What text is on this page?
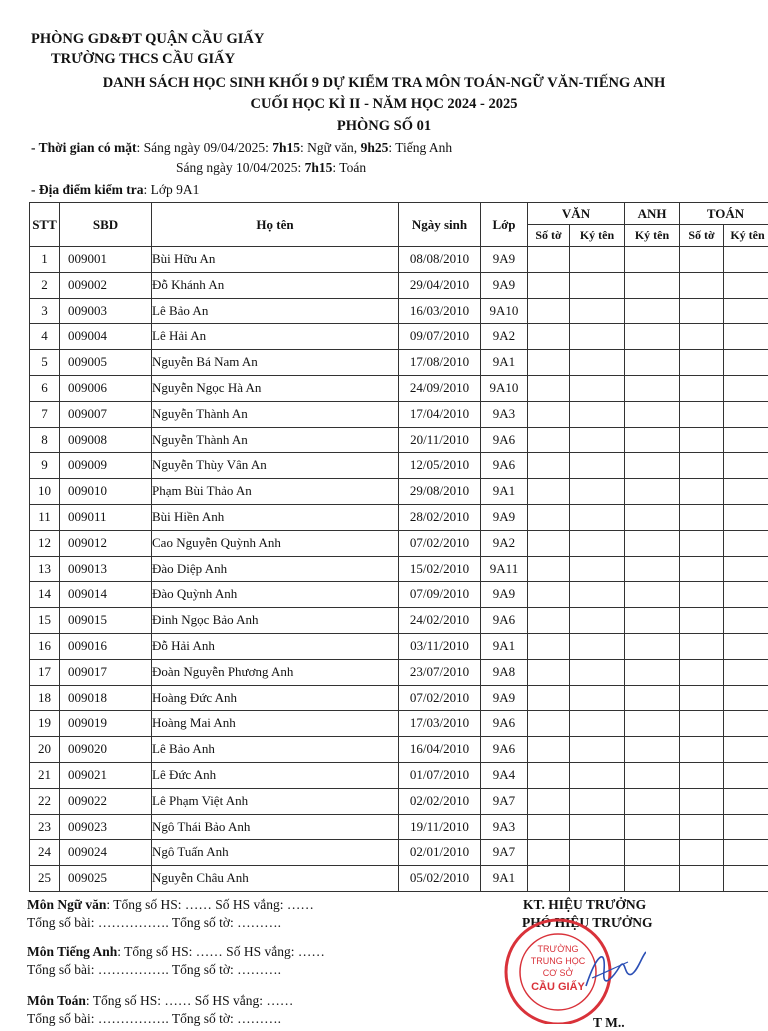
PHÒNG GD&ĐT QUẬN CẦU GIẤY
TRƯỜNG THCS CẦU GIẤY
DANH SÁCH HỌC SINH KHỐI 9 DỰ KIỂM TRA MÔN TOÁN-NGỮ VĂN-TIẾNG ANH
CUỐI HỌC KÌ II - NĂM HỌC 2024 - 2025
PHÒNG SỐ 01
- Thời gian có mặt: Sáng ngày 09/04/2025: 7h15: Ngữ văn, 9h25: Tiếng Anh
Sáng ngày 10/04/2025: 7h15: Toán
- Địa điểm kiểm tra: Lớp 9A1
STT	SBD	Họ tên	Ngày sinh	Lớp	VĂN		ANH	TOÁN	
					Số tờ	Ký tên	Ký tên	Số tờ	Ký tên
1	009001	Bùi Hữu An	08/08/2010	9A9					
2	009002	Đỗ Khánh An	29/04/2010	9A9					
3	009003	Lê Bảo An	16/03/2010	9A10					
4	009004	Lê Hải An	09/07/2010	9A2					
5	009005	Nguyễn Bá Nam An	17/08/2010	9A1					
6	009006	Nguyễn Ngọc Hà An	24/09/2010	9A10					
7	009007	Nguyễn Thành An	17/04/2010	9A3					
8	009008	Nguyễn Thành An	20/11/2010	9A6					
9	009009	Nguyễn Thùy Vân An	12/05/2010	9A6					
10	009010	Phạm Bùi Thảo An	29/08/2010	9A1					
11	009011	Bùi Hiền Anh	28/02/2010	9A9					
12	009012	Cao Nguyễn Quỳnh Anh	07/02/2010	9A2					
13	009013	Đào Diệp Anh	15/02/2010	9A11					
14	009014	Đào Quỳnh Anh	07/09/2010	9A9					
15	009015	Đinh Ngọc Bảo Anh	24/02/2010	9A6					
16	009016	Đỗ Hải Anh	03/11/2010	9A1					
17	009017	Đoàn Nguyễn Phương Anh	23/07/2010	9A8					
18	009018	Hoàng Đức Anh	07/02/2010	9A9					
19	009019	Hoàng Mai Anh	17/03/2010	9A6					
20	009020	Lê Bảo Anh	16/04/2010	9A6					
21	009021	Lê Đức Anh	01/07/2010	9A4					
22	009022	Lê Phạm Việt Anh	02/02/2010	9A7					
23	009023	Ngô Thái Bảo Anh	19/11/2010	9A3					
24	009024	Ngô Tuấn Anh	02/01/2010	9A7					
25	009025	Nguyễn Châu Anh	05/02/2010	9A1					
Môn Ngữ văn: Tổng số HS: …… Số HS vắng: ……
Tổng số bài: ……………. Tổng số tờ: ……….
Môn Tiếng Anh: Tổng số HS: …… Số HS vắng: ……
Tổng số bài: ……………. Tổng số tờ: ……….
Môn Toán: Tổng số HS: …… Số HS vắng: ……
Tổng số bài: ……………. Tổng số tờ: ……….
KT. HIỆU TRƯỞNG
PHÓ HIỆU TRƯỞNG
TRƯỜNG
TRUNG HỌC
CƠ SỞ
CẦU GIẤY
T M..
